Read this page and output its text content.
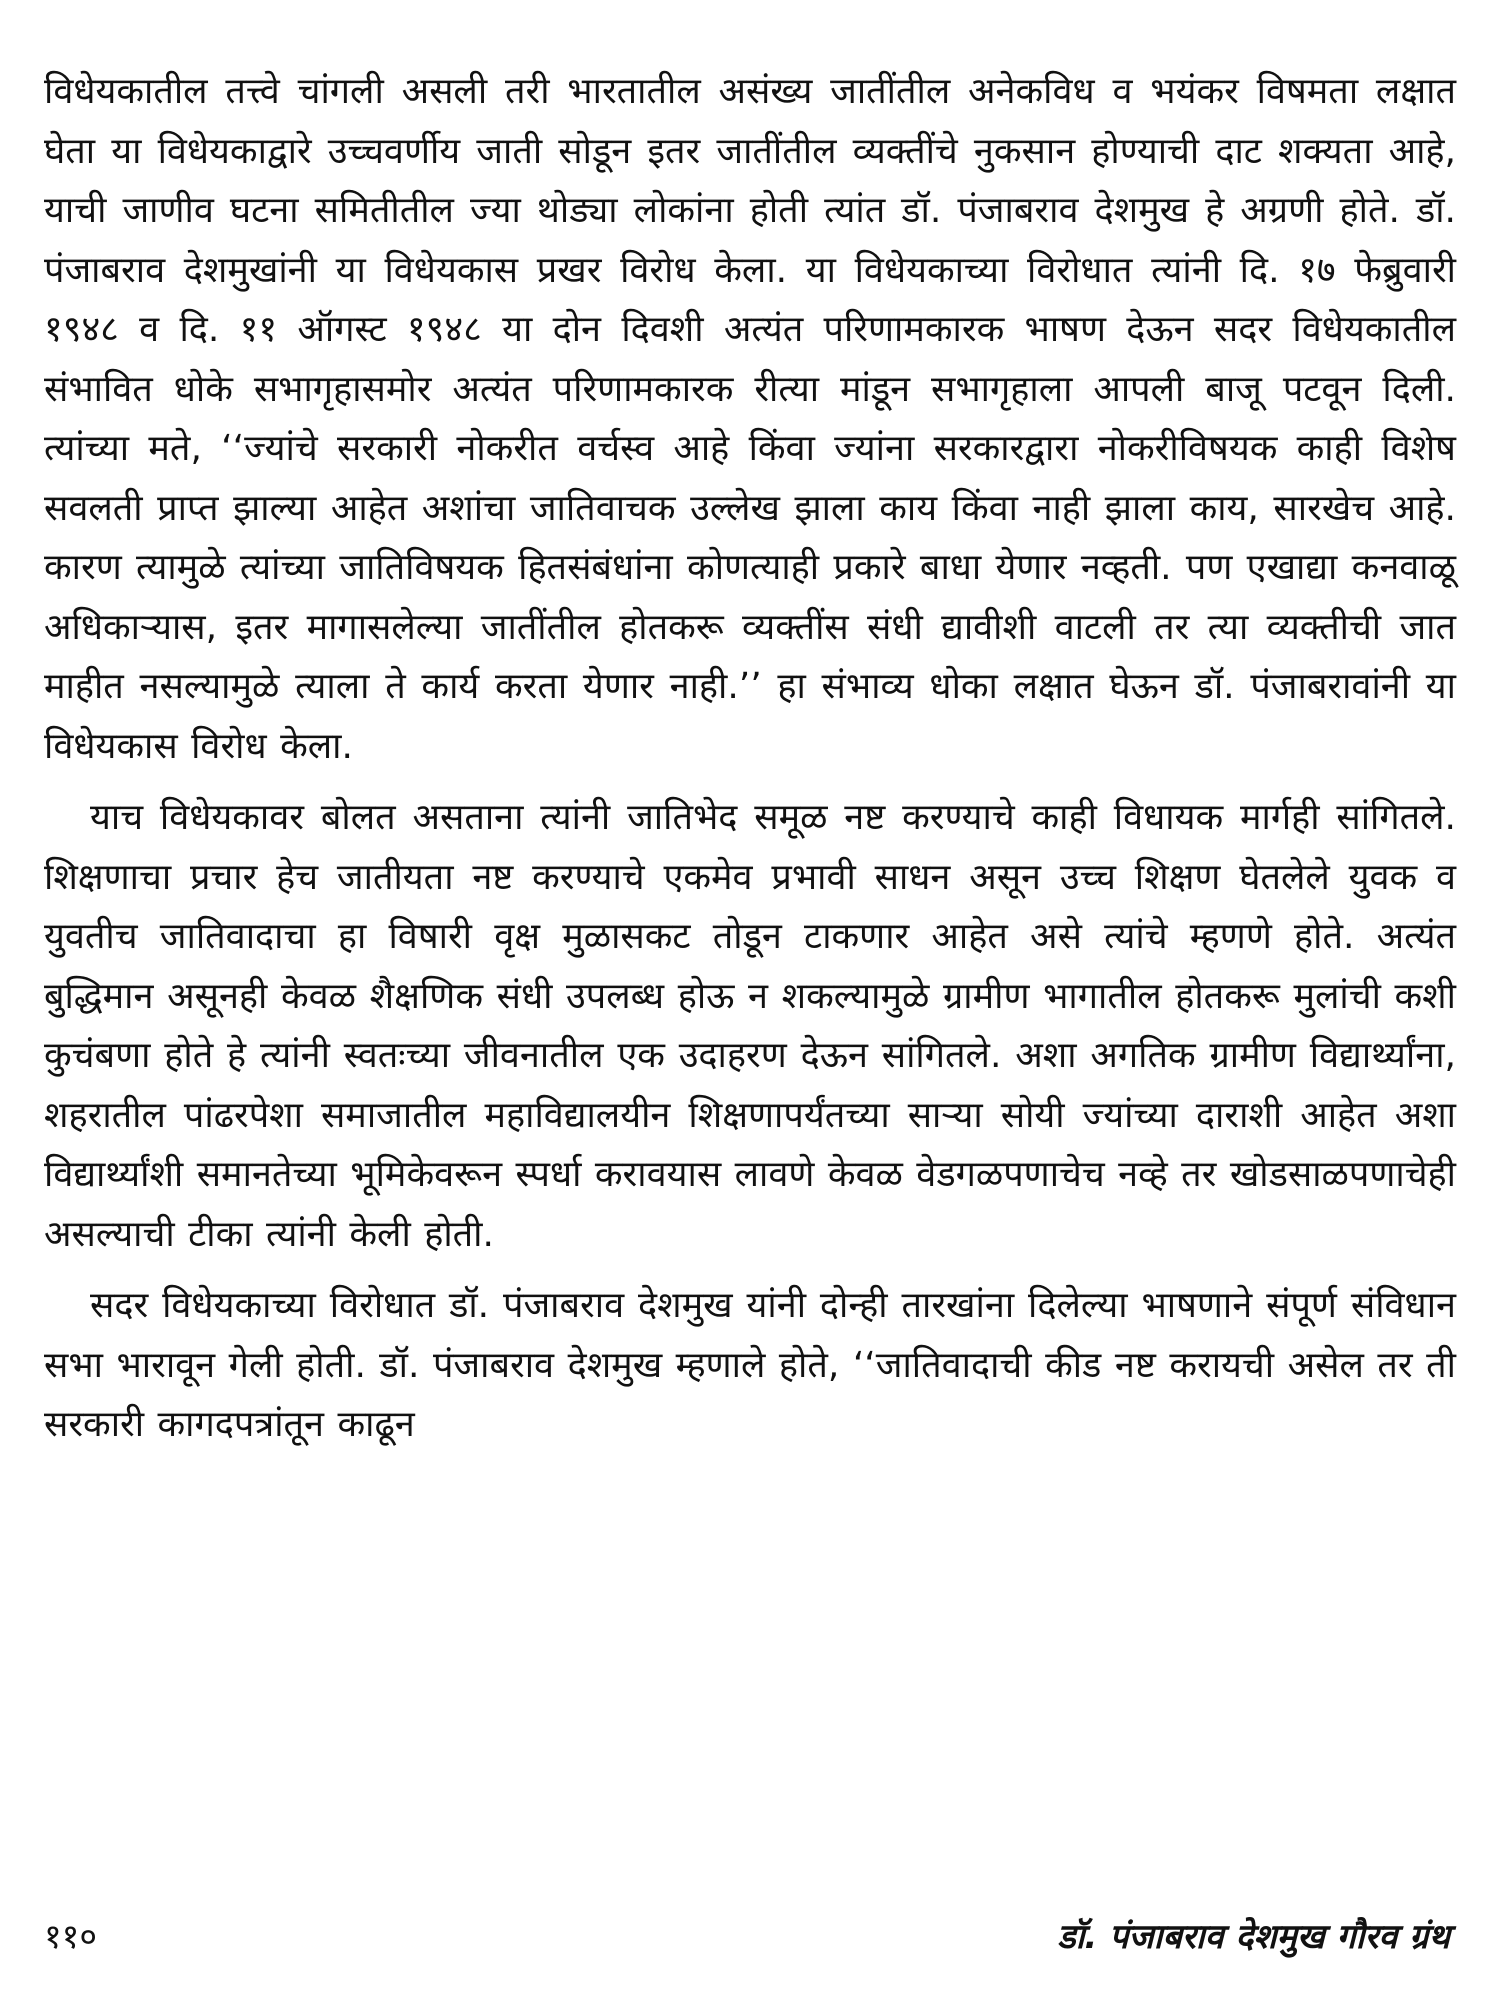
विधेयकातील तत्त्वे चांगली असली तरी भारतातील असंख्य जातींतील अनेकविध व भयंकर विषमता लक्षात घेता या विधेयकाद्वारे उच्चवर्णीय जाती सोडून इतर जातींतील व्यक्तींचे नुकसान होण्याची दाट शक्यता आहे, याची जाणीव घटना समितीतील ज्या थोड्या लोकांना होती त्यांत डॉ. पंजाबराव देशमुख हे अग्रणी होते. डॉ. पंजाबराव देशमुखांनी या विधेयकास प्रखर विरोध केला. या विधेयकाच्या विरोधात त्यांनी दि. १७ फेब्रुवारी १९४८ व दि. ११ ऑगस्ट १९४८ या दोन दिवशी अत्यंत परिणामकारक भाषण देऊन सदर विधेयकातील संभावित धोके सभागृहासमोर अत्यंत परिणामकारक रीत्या मांडून सभागृहाला आपली बाजू पटवून दिली. त्यांच्या मते, ‘‘ज्यांचे सरकारी नोकरीत वर्चस्व आहे किंवा ज्यांना सरकारद्वारा नोकरीविषयक काही विशेष सवलती प्राप्त झाल्या आहेत अशांचा जातिवाचक उल्लेख झाला काय किंवा नाही झाला काय, सारखेच आहे. कारण त्यामुळे त्यांच्या जातिविषयक हितसंबंधांना कोणत्याही प्रकारे बाधा येणार नव्हती. पण एखाद्या कनवाळू अधिकाऱ्यास, इतर मागासलेल्या जातींतील होतकरू व्यक्तींस संधी द्यावीशी वाटली तर त्या व्यक्तीची जात माहीत नसल्यामुळे त्याला ते कार्य करता येणार नाही.’’ हा संभाव्य धोका लक्षात घेऊन डॉ. पंजाबरावांनी या विधेयकास विरोध केला.

याच विधेयकावर बोलत असताना त्यांनी जातिभेद समूळ नष्ट करण्याचे काही विधायक मार्गही सांगितले. शिक्षणाचा प्रचार हेच जातीयता नष्ट करण्याचे एकमेव प्रभावी साधन असून उच्च शिक्षण घेतलेले युवक व युवतीच जातिवादाचा हा विषारी वृक्ष मुळासकट तोडून टाकणार आहेत असे त्यांचे म्हणणे होते. अत्यंत बुद्धिमान असूनही केवळ शैक्षणिक संधी उपलब्ध होऊ न शकल्यामुळे ग्रामीण भागातील होतकरू मुलांची कशी कुचंबणा होते हे त्यांनी स्वतःच्या जीवनातील एक उदाहरण देऊन सांगितले. अशा अगतिक ग्रामीण विद्यार्थ्यांना, शहरातील पांढरपेशा समाजातील महाविद्यालयीन शिक्षणापर्यंतच्या साऱ्या सोयी ज्यांच्या दाराशी आहेत अशा विद्यार्थ्यांशी समानतेच्या भूमिकेवरून स्पर्धा करावयास लावणे केवळ वेडगळपणाचेच नव्हे तर खोडसाळपणाचेही असल्याची टीका त्यांनी केली होती.

सदर विधेयकाच्या विरोधात डॉ. पंजाबराव देशमुख यांनी दोन्ही तारखांना दिलेल्या भाषणाने संपूर्ण संविधान सभा भारावून गेली होती. डॉ. पंजाबराव देशमुख म्हणाले होते, ‘‘जातिवादाची कीड नष्ट करायची असेल तर ती सरकारी कागदपत्रांतून काढून

११०	डॉ. पंजाबराव देशमुख गौरव ग्रंथ
